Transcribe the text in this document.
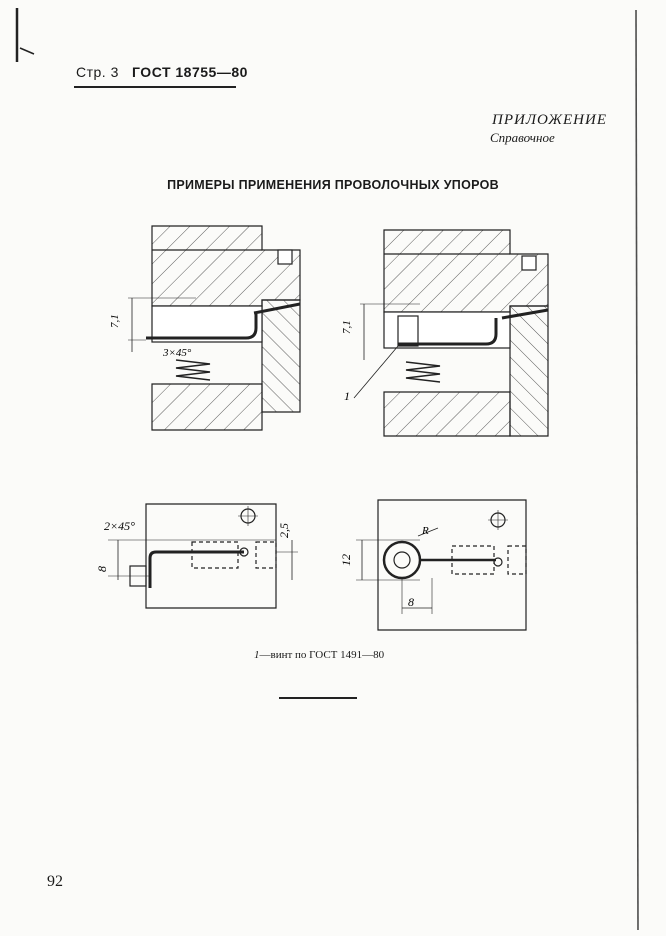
Стр. 3 ГОСТ 18755—80
ПРИЛОЖЕНИЕ
Справочное
ПРИМЕРЫ ПРИМЕНЕНИЯ ПРОВОЛОЧНЫХ УПОРОВ
7,1
3×45°
7,1
1
2×45°
8
2,5
12
8
R
1—винт по ГОСТ 1491—80
92
